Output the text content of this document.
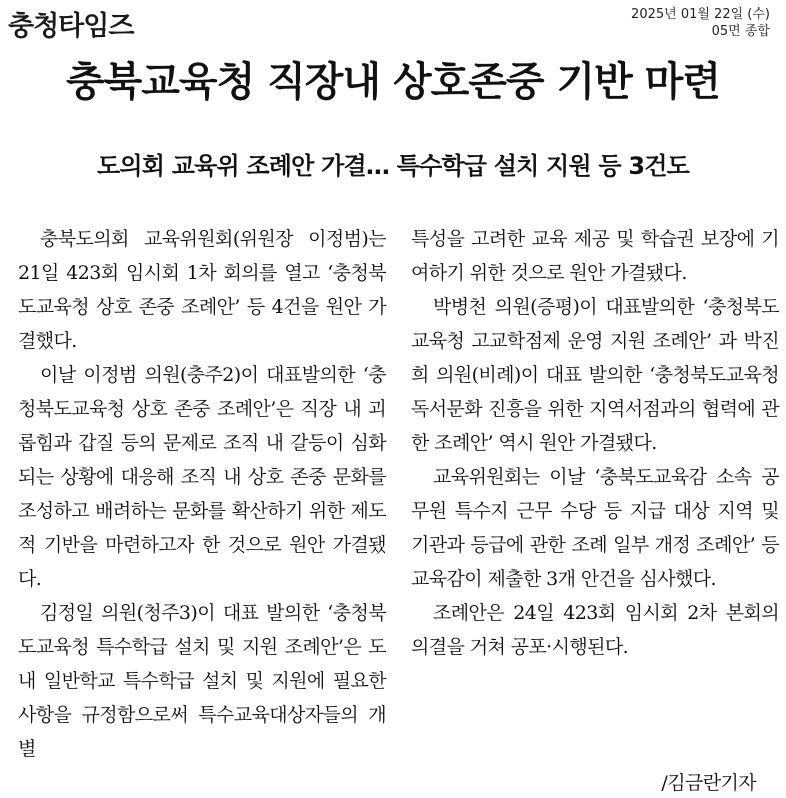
충청타임즈	2025년 01월 22일 (수)
05면 종합
충북교육청 직장내 상호존중 기반 마련
도의회 교육위 조례안 가결… 특수학급 설치 지원 등 3건도

충북도의회 교육위원회(위원장 이정범)는 21일 423회 임시회 1차 회의를 열고 ‘충청북도교육청 상호 존중 조례안’ 등 4건을 원안 가결했다.

이날 이정범 의원(충주2)이 대표발의한 ‘충청북도교육청 상호 존중 조례안’은 직장 내 괴롭힘과 갑질 등의 문제로 조직 내 갈등이 심화되는 상황에 대응해 조직 내 상호 존중 문화를 조성하고 배려하는 문화를 확산하기 위한 제도적 기반을 마련하고자 한 것으로 원안 가결됐다.

김정일 의원(청주3)이 대표 발의한 ‘충청북도교육청 특수학급 설치 및 지원 조례안’은 도내 일반학교 특수학급 설치 및 지원에 필요한 사항을 규정함으로써 특수교육대상자들의 개별

특성을 고려한 교육 제공 및 학습권 보장에 기여하기 위한 것으로 원안 가결됐다.

박병천 의원(증평)이 대표발의한 ‘충청북도교육청 고교학점제 운영 지원 조례안’ 과 박진희 의원(비례)이 대표 발의한 ‘충청북도교육청 독서문화 진흥을 위한 지역서점과의 협력에 관한 조례안’ 역시 원안 가결됐다.

교육위원회는 이날 ‘충북도교육감 소속 공무원 특수지 근무 수당 등 지급 대상 지역 및 기관과 등급에 관한 조례 일부 개정 조례안’ 등 교육감이 제출한 3개 안건을 심사했다.

조례안은 24일 423회 임시회 2차 본회의 의결을 거쳐 공포·시행된다.

/김금란기자
